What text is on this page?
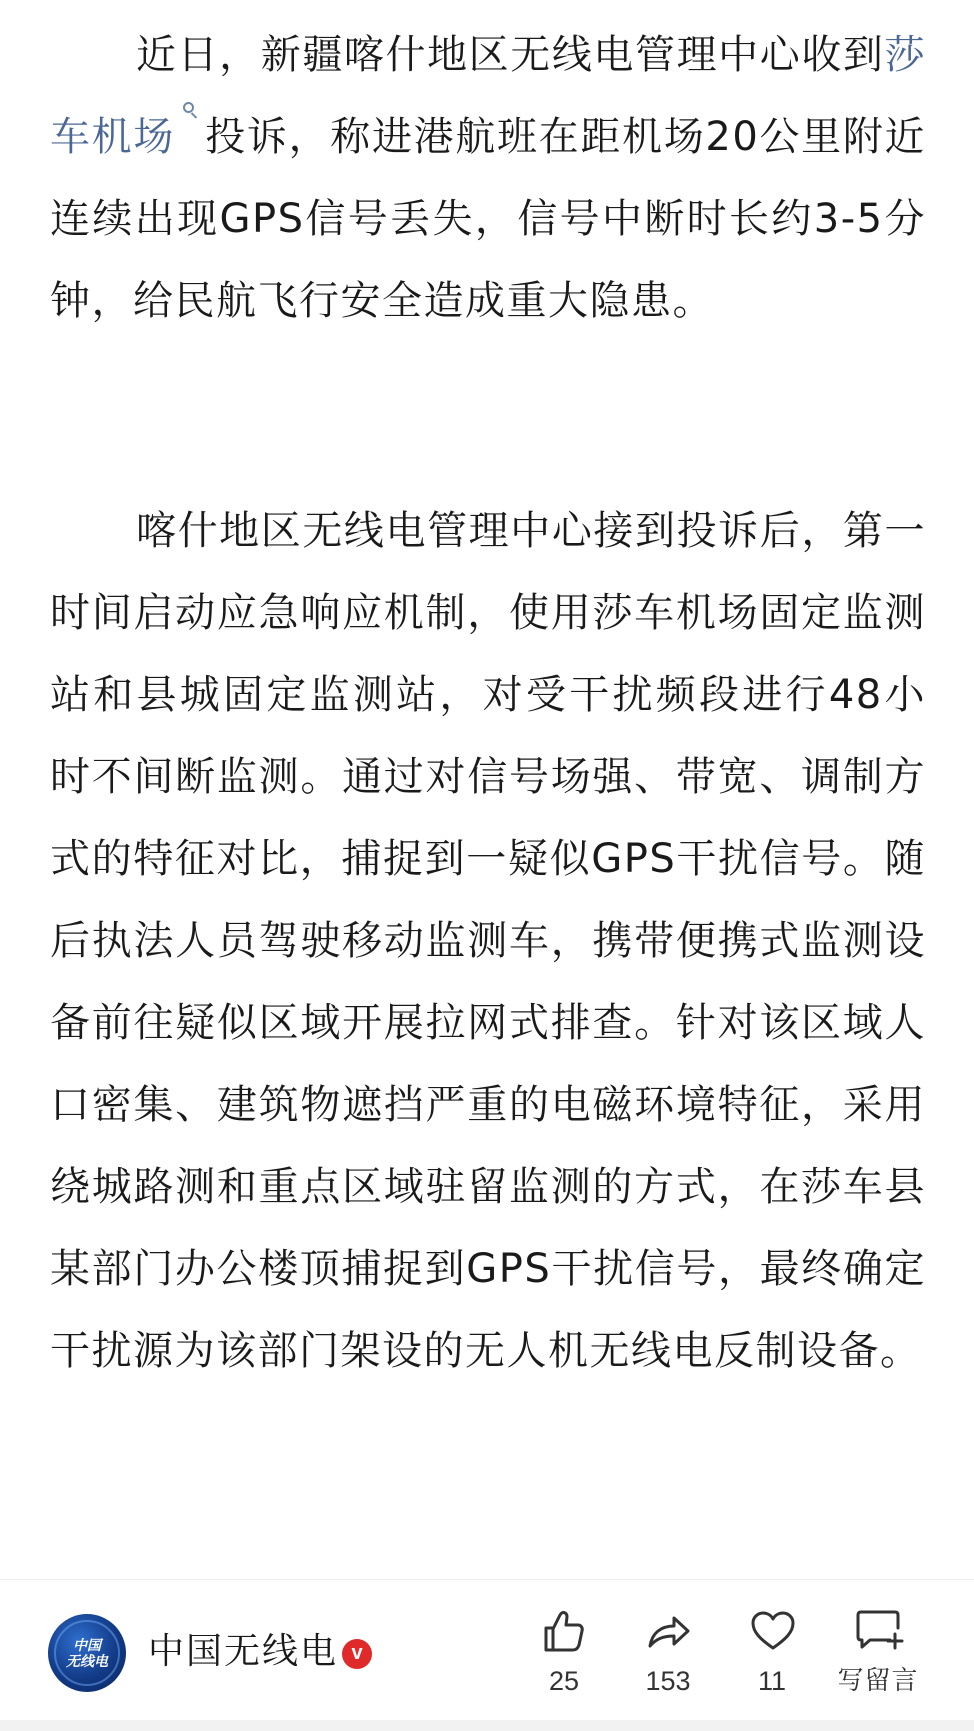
近日，新疆喀什地区无线电管理中心收到莎车机场 投诉，称进港航班在距机场20公里附近连续出现GPS信号丢失，信号中断时长约3-5分钟，给民航飞行安全造成重大隐患。

喀什地区无线电管理中心接到投诉后，第一时间启动应急响应机制，使用莎车机场固定监测站和县城固定监测站，对受干扰频段进行48小时不间断监测。通过对信号场强、带宽、调制方式的特征对比，捕捉到一疑似GPS干扰信号。随后执法人员驾驶移动监测车，携带便携式监测设备前往疑似区域开展拉网式排查。针对该区域人口密集、建筑物遮挡严重的电磁环境特征，采用绕城路测和重点区域驻留监测的方式，在莎车县某部门办公楼顶捕捉到GPS干扰信号，最终确定干扰源为该部门架设的无人机无线电反制设备。

中国
无线电	中国无线电 v
25	153	11	写留言
